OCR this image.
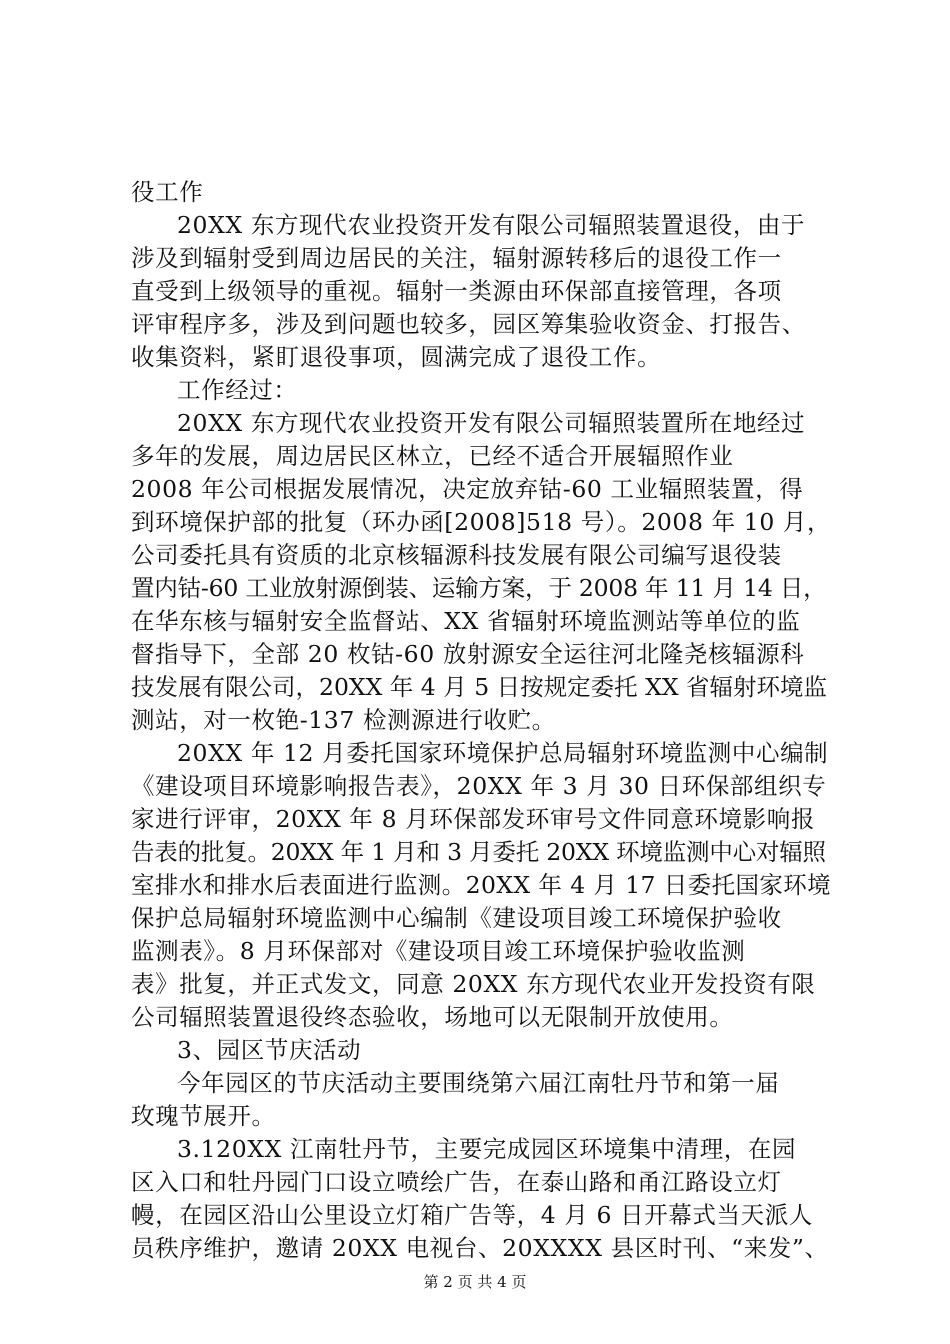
役工作
20XX 东方现代农业投资开发有限公司辐照装置退役，由于
涉及到辐射受到周边居民的关注，辐射源转移后的退役工作一
直受到上级领导的重视。辐射一类源由环保部直接管理，各项
评审程序多，涉及到问题也较多，园区筹集验收资金、打报告、
收集资料，紧盯退役事项，圆满完成了退役工作。
工作经过：
20XX 东方现代农业投资开发有限公司辐照装置所在地经过
多年的发展，周边居民区林立，已经不适合开展辐照作业
2008 年公司根据发展情况，决定放弃钴-60 工业辐照装置，得
到环境保护部的批复（环办函[2008]518 号）。2008 年 10 月，
公司委托具有资质的北京核辐源科技发展有限公司编写退役装
置内钴-60 工业放射源倒装、运输方案，于 2008 年 11 月 14 日，
在华东核与辐射安全监督站、XX 省辐射环境监测站等单位的监
督指导下，全部 20 枚钴-60 放射源安全运往河北隆尧核辐源科
技发展有限公司，20XX 年 4 月 5 日按规定委托 XX 省辐射环境监
测站，对一枚铯-137 检测源进行收贮。
20XX 年 12 月委托国家环境保护总局辐射环境监测中心编制
《建设项目环境影响报告表》，20XX 年 3 月 30 日环保部组织专
家进行评审，20XX 年 8 月环保部发环审号文件同意环境影响报
告表的批复。20XX 年 1 月和 3 月委托 20XX 环境监测中心对辐照
室排水和排水后表面进行监测。20XX 年 4 月 17 日委托国家环境
保护总局辐射环境监测中心编制《建设项目竣工环境保护验收
监测表》。8 月环保部对《建设项目竣工环境保护验收监测
表》批复，并正式发文，同意 20XX 东方现代农业开发投资有限
公司辐照装置退役终态验收，场地可以无限制开放使用。
3、园区节庆活动
今年园区的节庆活动主要围绕第六届江南牡丹节和第一届
玫瑰节展开。
3.120XX 江南牡丹节，主要完成园区环境集中清理，在园
区入口和牡丹园门口设立喷绘广告，在泰山路和甬江路设立灯
幔，在园区沿山公里设立灯箱广告等，4 月 6 日开幕式当天派人
员秩序维护，邀请 20XX 电视台、20XXXX 县区时刊、“来发”、
第 2 页 共 4 页
